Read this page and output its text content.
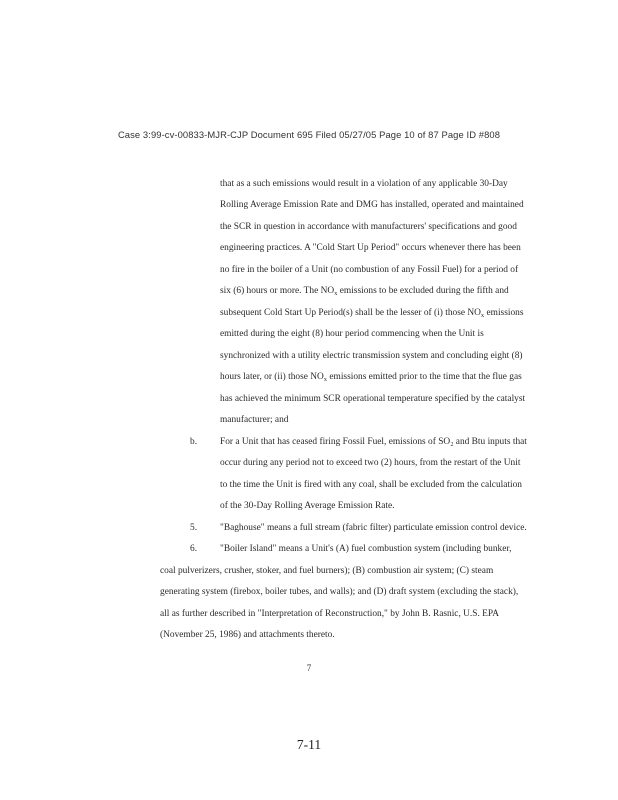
Case 3:99-cv-00833-MJR-CJP Document 695 Filed 05/27/05 Page 10 of 87 Page ID #808
that as a such emissions would result in a violation of any applicable 30-Day
Rolling Average Emission Rate and DMG has installed, operated and maintained
the SCR in question in accordance with manufacturers' specifications and good
engineering practices. A "Cold Start Up Period" occurs whenever there has been
no fire in the boiler of a Unit (no combustion of any Fossil Fuel) for a period of
six (6) hours or more. The $NO_x$ emissions to be excluded during the fifth and
subsequent Cold Start Up Period(s) shall be the lesser of (i) those $NO_x$ emissions
emitted during the eight (8) hour period commencing when the Unit is
synchronized with a utility electric transmission system and concluding eight (8)
hours later, or (ii) those $NO_x$ emissions emitted prior to the time that the flue gas
has achieved the minimum SCR operational temperature specified by the catalyst
manufacturer; and
b. For a Unit that has ceased firing Fossil Fuel, emissions of SO₂ and Btu inputs that
occur during any period not to exceed two (2) hours, from the restart of the Unit
to the time the Unit is fired with any coal, shall be excluded from the calculation
of the 30-Day Rolling Average Emission Rate.
5. "Baghouse" means a full stream (fabric filter) particulate emission control device.
6. "Boiler Island" means a Unit's (A) fuel combustion system (including bunker,
coal pulverizers, crusher, stoker, and fuel burners); (B) combustion air system; (C) steam
generating system (firebox, boiler tubes, and walls); and (D) draft system (excluding the stack),
all as further described in "Interpretation of Reconstruction," by John B. Rasnic, U.S. EPA
(November 25, 1986) and attachments thereto.
7
7-11
